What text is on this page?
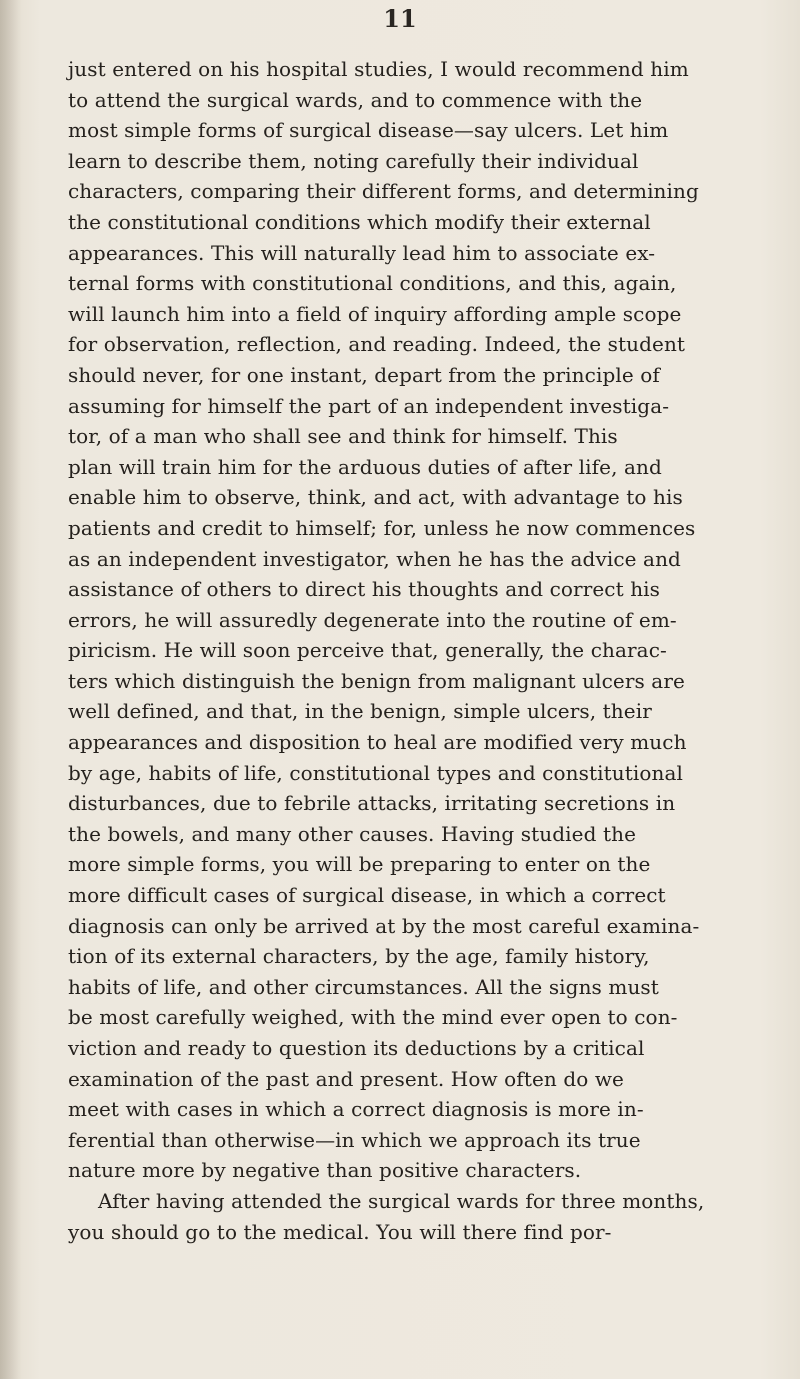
11
just entered on his hospital studies, I would recommend him
to attend the surgical wards, and to commence with the
most simple forms of surgical disease—say ulcers. Let him
learn to describe them, noting carefully their individual
characters, comparing their different forms, and determining
the constitutional conditions which modify their external
appearances. This will naturally lead him to associate ex-
ternal forms with constitutional conditions, and this, again,
will launch him into a field of inquiry affording ample scope
for observation, reflection, and reading. Indeed, the student
should never, for one instant, depart from the principle of
assuming for himself the part of an independent investiga-
tor, of a man who shall see and think for himself. This
plan will train him for the arduous duties of after life, and
enable him to observe, think, and act, with advantage to his
patients and credit to himself; for, unless he now commences
as an independent investigator, when he has the advice and
assistance of others to direct his thoughts and correct his
errors, he will assuredly degenerate into the routine of em-
piricism. He will soon perceive that, generally, the charac-
ters which distinguish the benign from malignant ulcers are
well defined, and that, in the benign, simple ulcers, their
appearances and disposition to heal are modified very much
by age, habits of life, constitutional types and constitutional
disturbances, due to febrile attacks, irritating secretions in
the bowels, and many other causes. Having studied the
more simple forms, you will be preparing to enter on the
more difficult cases of surgical disease, in which a correct
diagnosis can only be arrived at by the most careful examina-
tion of its external characters, by the age, family history,
habits of life, and other circumstances. All the signs must
be most carefully weighed, with the mind ever open to con-
viction and ready to question its deductions by a critical
examination of the past and present. How often do we
meet with cases in which a correct diagnosis is more in-
ferential than otherwise—in which we approach its true
nature more by negative than positive characters.
After having attended the surgical wards for three months,
you should go to the medical. You will there find por-
